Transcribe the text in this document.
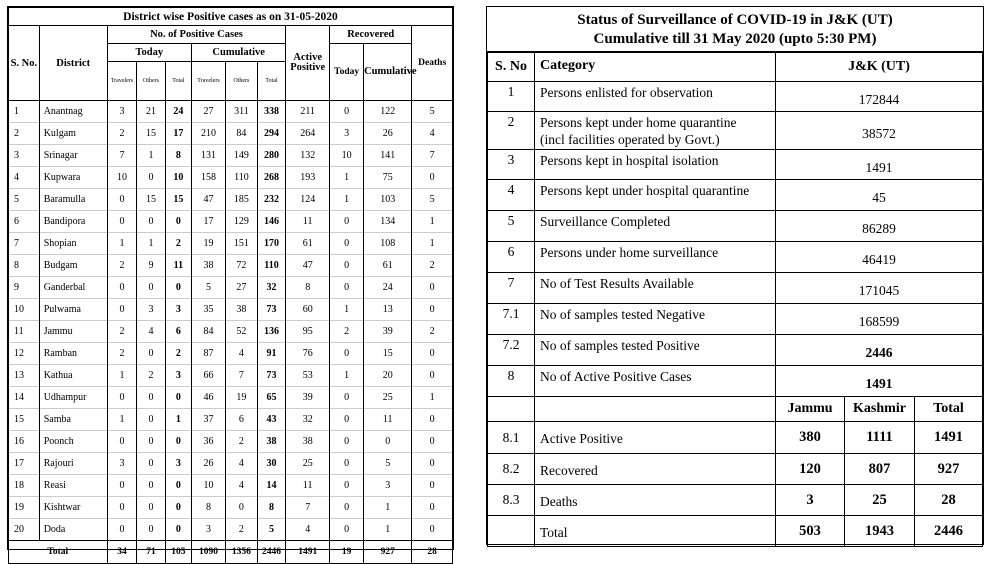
District wise Positive cases as on 31-05-2020											
S. No.	District	No. of Positive Cases						Active Positive	Recovered		Deaths
		Today			Cumulative				Today	Cumulative	
		Travelers	Others	Total	Travelers	Others	Total				
1	Anantnag	3	21	24	27	311	338	211	0	122	5
2	Kulgam	2	15	17	210	84	294	264	3	26	4
3	Srinagar	7	1	8	131	149	280	132	10	141	7
4	Kupwara	10	0	10	158	110	268	193	1	75	0
5	Baramulla	0	15	15	47	185	232	124	1	103	5
6	Bandipora	0	0	0	17	129	146	11	0	134	1
7	Shopian	1	1	2	19	151	170	61	0	108	1
8	Budgam	2	9	11	38	72	110	47	0	61	2
9	Ganderbal	0	0	0	5	27	32	8	0	24	0
10	Pulwama	0	3	3	35	38	73	60	1	13	0
11	Jammu	2	4	6	84	52	136	95	2	39	2
12	Ramban	2	0	2	87	4	91	76	0	15	0
13	Kathua	1	2	3	66	7	73	53	1	20	0
14	Udhampur	0	0	0	46	19	65	39	0	25	1
15	Samba	1	0	1	37	6	43	32	0	11	0
16	Poonch	0	0	0	36	2	38	38	0	0	0
17	Rajouri	3	0	3	26	4	30	25	0	5	0
18	Reasi	0	0	0	10	4	14	11	0	3	0
19	Kishtwar	0	0	0	8	0	8	7	0	1	0
20	Doda	0	0	0	3	2	5	4	0	1	0
Total		34	71	105	1090	1356	2446	1491	19	927	28
Status of Surveillance of COVID-19 in J&K (UT)
Cumulative till 31 May 2020 (upto 5:30 PM)
S. No	Category	J&K (UT)		
1	Persons enlisted for observation	172844		
2	Persons kept under home quarantine
(incl facilities operated by Govt.)	38572		
3	Persons kept in hospital isolation	1491		
4	Persons kept under hospital quarantine	45		
5	Surveillance Completed	86289		
6	Persons under home surveillance	46419		
7	No of Test Results Available	171045		
7.1	No of samples tested Negative	168599		
7.2	No of samples tested Positive	2446		
8	No of Active Positive Cases	1491		
		Jammu	Kashmir	Total
8.1	Active Positive	380	1111	1491
8.2	Recovered	120	807	927
8.3	Deaths	3	25	28
	Total	503	1943	2446
